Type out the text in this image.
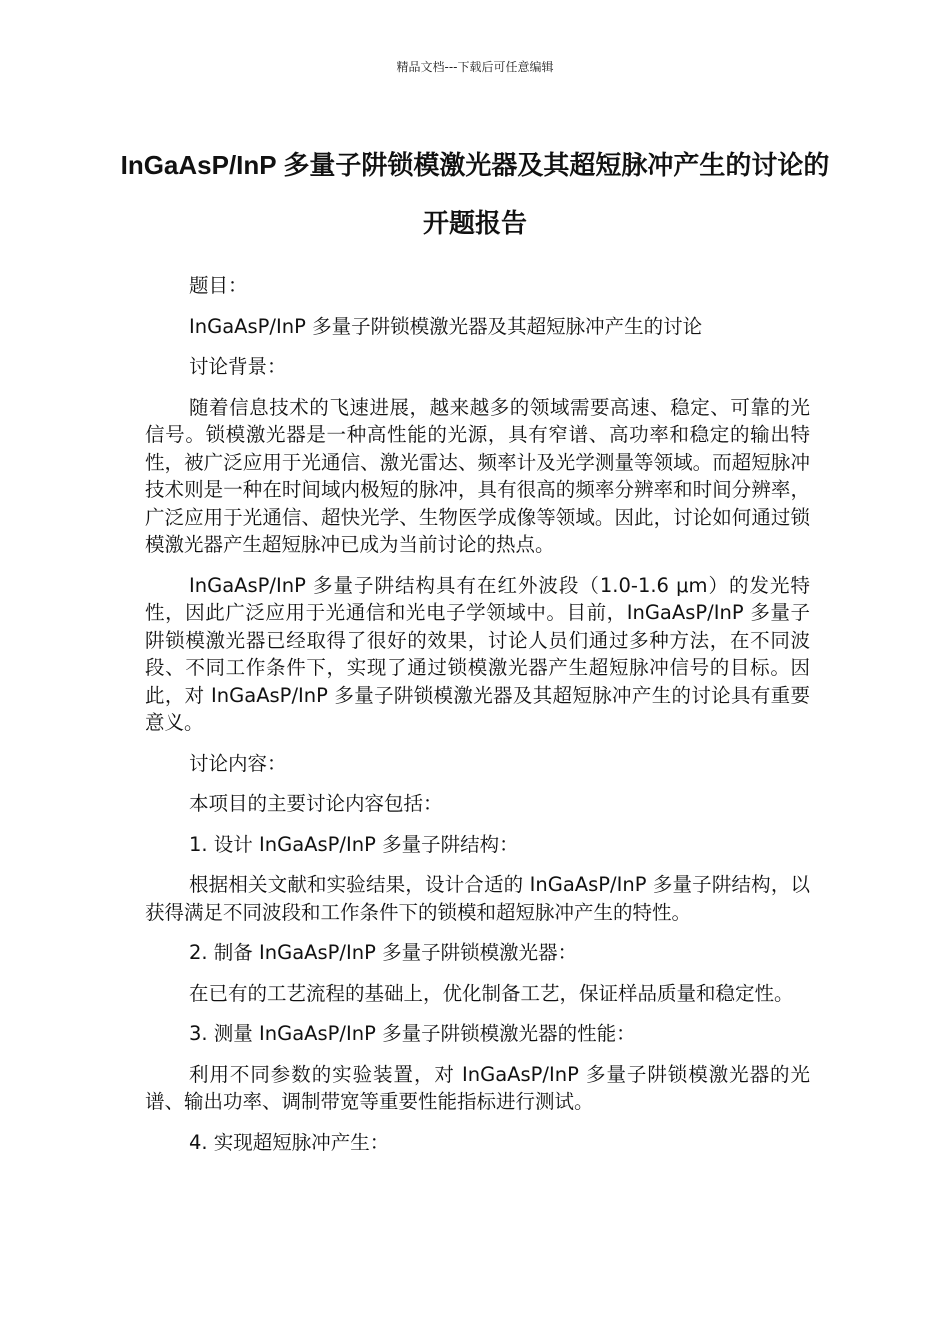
精品文档---下载后可任意编辑
InGaAsP/InP 多量子阱锁模激光器及其超短脉冲产生的讨论的开题报告

题目：

InGaAsP/InP 多量子阱锁模激光器及其超短脉冲产生的讨论

讨论背景：

随着信息技术的飞速进展，越来越多的领域需要高速、稳定、可靠的光信号。锁模激光器是一种高性能的光源，具有窄谱、高功率和稳定的输出特性，被广泛应用于光通信、激光雷达、频率计及光学测量等领域。而超短脉冲技术则是一种在时间域内极短的脉冲，具有很高的频率分辨率和时间分辨率，广泛应用于光通信、超快光学、生物医学成像等领域。因此，讨论如何通过锁模激光器产生超短脉冲已成为当前讨论的热点。

InGaAsP/InP 多量子阱结构具有在红外波段（1.0-1.6 μm）的发光特性，因此广泛应用于光通信和光电子学领域中。目前，InGaAsP/InP 多量子阱锁模激光器已经取得了很好的效果，讨论人员们通过多种方法，在不同波段、不同工作条件下，实现了通过锁模激光器产生超短脉冲信号的目标。因此，对 InGaAsP/InP 多量子阱锁模激光器及其超短脉冲产生的讨论具有重要意义。

讨论内容：

本项目的主要讨论内容包括：

1. 设计 InGaAsP/InP 多量子阱结构：

根据相关文献和实验结果，设计合适的 InGaAsP/InP 多量子阱结构，以获得满足不同波段和工作条件下的锁模和超短脉冲产生的特性。

2. 制备 InGaAsP/InP 多量子阱锁模激光器：

在已有的工艺流程的基础上，优化制备工艺，保证样品质量和稳定性。

3. 测量 InGaAsP/InP 多量子阱锁模激光器的性能：

利用不同参数的实验装置，对 InGaAsP/InP 多量子阱锁模激光器的光谱、输出功率、调制带宽等重要性能指标进行测试。

4. 实现超短脉冲产生：
